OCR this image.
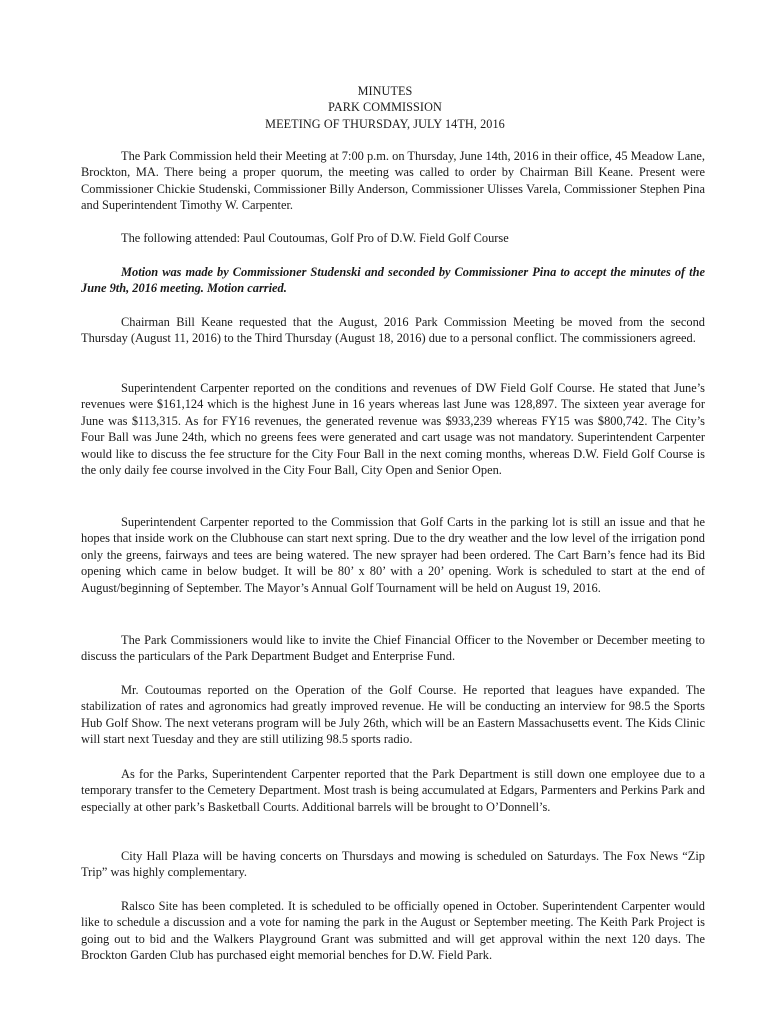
MINUTES
PARK COMMISSION
MEETING OF THURSDAY, JULY 14TH, 2016

The Park Commission held their Meeting at 7:00 p.m. on Thursday, June 14th, 2016 in their office, 45 Meadow Lane, Brockton, MA. There being a proper quorum, the meeting was called to order by Chairman Bill Keane. Present were Commissioner Chickie Studenski, Commissioner Billy Anderson, Commissioner Ulisses Varela, Commissioner Stephen Pina and Superintendent Timothy W. Carpenter.

The following attended: Paul Coutoumas, Golf Pro of D.W. Field Golf Course

Motion was made by Commissioner Studenski and seconded by Commissioner Pina to accept the minutes of the June 9th, 2016 meeting. Motion carried.

Chairman Bill Keane requested that the August, 2016 Park Commission Meeting be moved from the second Thursday (August 11, 2016) to the Third Thursday (August 18, 2016) due to a personal conflict. The commissioners agreed.

Superintendent Carpenter reported on the conditions and revenues of DW Field Golf Course. He stated that June’s revenues were $161,124 which is the highest June in 16 years whereas last June was 128,897. The sixteen year average for June was $113,315. As for FY16 revenues, the generated revenue was $933,239 whereas FY15 was $800,742. The City’s Four Ball was June 24th, which no greens fees were generated and cart usage was not mandatory. Superintendent Carpenter would like to discuss the fee structure for the City Four Ball in the next coming months, whereas D.W. Field Golf Course is the only daily fee course involved in the City Four Ball, City Open and Senior Open.

Superintendent Carpenter reported to the Commission that Golf Carts in the parking lot is still an issue and that he hopes that inside work on the Clubhouse can start next spring. Due to the dry weather and the low level of the irrigation pond only the greens, fairways and tees are being watered. The new sprayer had been ordered. The Cart Barn’s fence had its Bid opening which came in below budget. It will be 80’ x 80’ with a 20’ opening. Work is scheduled to start at the end of August/beginning of September. The Mayor’s Annual Golf Tournament will be held on August 19, 2016.

The Park Commissioners would like to invite the Chief Financial Officer to the November or December meeting to discuss the particulars of the Park Department Budget and Enterprise Fund.

Mr. Coutoumas reported on the Operation of the Golf Course. He reported that leagues have expanded. The stabilization of rates and agronomics had greatly improved revenue. He will be conducting an interview for 98.5 the Sports Hub Golf Show. The next veterans program will be July 26th, which will be an Eastern Massachusetts event. The Kids Clinic will start next Tuesday and they are still utilizing 98.5 sports radio.

As for the Parks, Superintendent Carpenter reported that the Park Department is still down one employee due to a temporary transfer to the Cemetery Department. Most trash is being accumulated at Edgars, Parmenters and Perkins Park and especially at other park’s Basketball Courts. Additional barrels will be brought to O’Donnell’s.

City Hall Plaza will be having concerts on Thursdays and mowing is scheduled on Saturdays. The Fox News “Zip Trip” was highly complementary.

Ralsco Site has been completed. It is scheduled to be officially opened in October. Superintendent Carpenter would like to schedule a discussion and a vote for naming the park in the August or September meeting. The Keith Park Project is going out to bid and the Walkers Playground Grant was submitted and will get approval within the next 120 days. The Brockton Garden Club has purchased eight memorial benches for D.W. Field Park.
